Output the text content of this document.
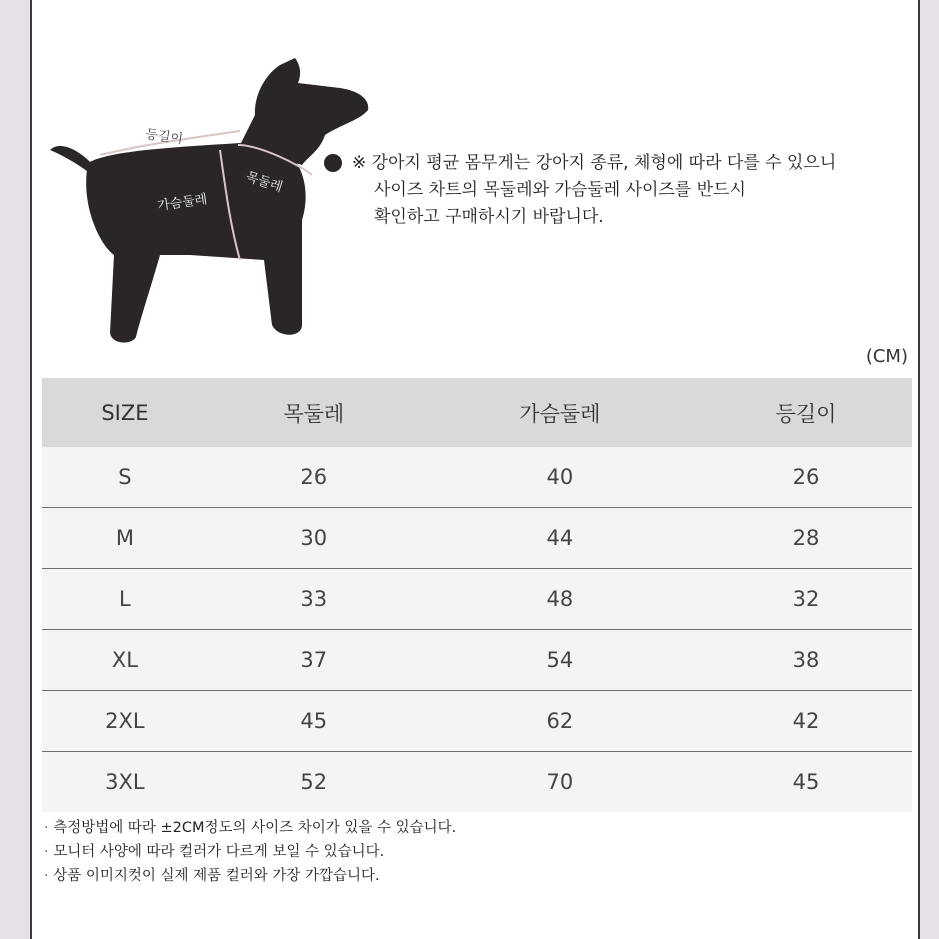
등길이
목둘레
가슴둘레
※ 강아지 평균 몸무게는 강아지 종류, 체형에 따라 다를 수 있으니
사이즈 차트의 목둘레와 가슴둘레 사이즈를 반드시
확인하고 구매하시기 바랍니다.
(CM)
SIZE	목둘레	가슴둘레	등길이
S	26	40	26
M	30	44	28
L	33	48	32
XL	37	54	38
2XL	45	62	42
3XL	52	70	45
· 측정방법에 따라 ±2CM정도의 사이즈 차이가 있을 수 있습니다.
· 모니터 사양에 따라 컬러가 다르게 보일 수 있습니다.
· 상품 이미지컷이 실제 제품 컬러와 가장 가깝습니다.
